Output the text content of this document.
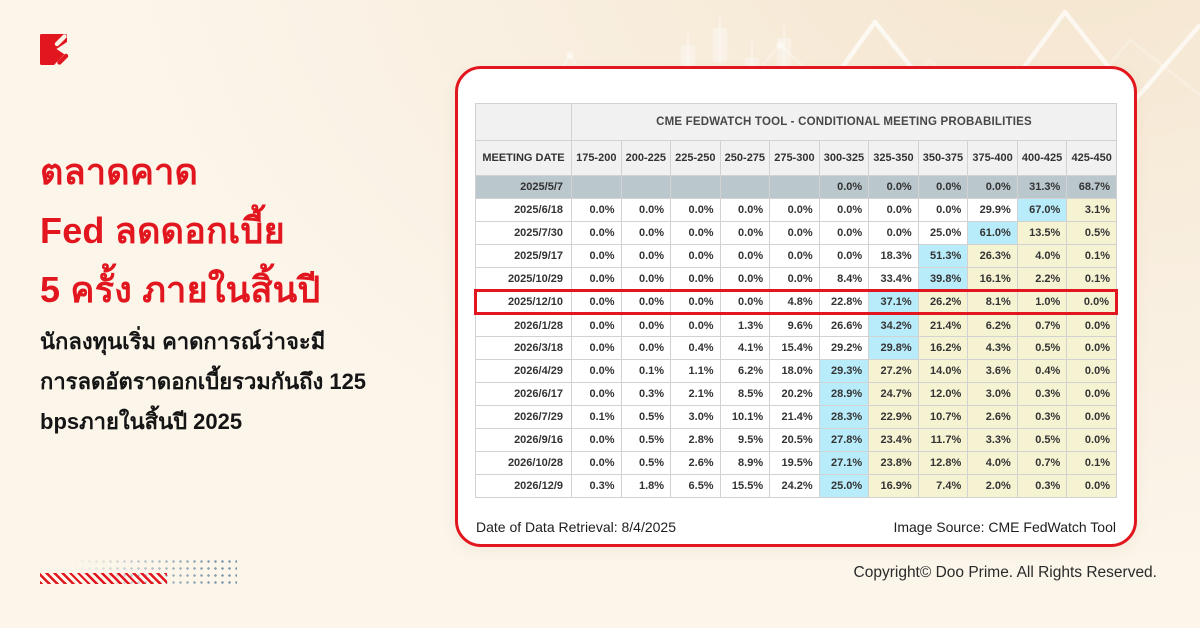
ตลาดคาด
Fed ลดดอกเบี้ย
5 ครั้ง ภายในสิ้นปี
นักลงทุนเริ่ม คาดการณ์ว่าจะมี
การลดอัตราดอกเบี้ยรวมกันถึง 125
bpsภายในสิ้นปี 2025
	CME FEDWATCH TOOL - CONDITIONAL MEETING PROBABILITIES										
MEETING DATE	175-200	200-225	225-250	250-275	275-300	300-325	325-350	350-375	375-400	400-425	425-450
2025/5/7						0.0%	0.0%	0.0%	0.0%	31.3%	68.7%
2025/6/18	0.0%	0.0%	0.0%	0.0%	0.0%	0.0%	0.0%	0.0%	29.9%	67.0%	3.1%
2025/7/30	0.0%	0.0%	0.0%	0.0%	0.0%	0.0%	0.0%	25.0%	61.0%	13.5%	0.5%
2025/9/17	0.0%	0.0%	0.0%	0.0%	0.0%	0.0%	18.3%	51.3%	26.3%	4.0%	0.1%
2025/10/29	0.0%	0.0%	0.0%	0.0%	0.0%	8.4%	33.4%	39.8%	16.1%	2.2%	0.1%
2025/12/10	0.0%	0.0%	0.0%	0.0%	4.8%	22.8%	37.1%	26.2%	8.1%	1.0%	0.0%
2026/1/28	0.0%	0.0%	0.0%	1.3%	9.6%	26.6%	34.2%	21.4%	6.2%	0.7%	0.0%
2026/3/18	0.0%	0.0%	0.4%	4.1%	15.4%	29.2%	29.8%	16.2%	4.3%	0.5%	0.0%
2026/4/29	0.0%	0.1%	1.1%	6.2%	18.0%	29.3%	27.2%	14.0%	3.6%	0.4%	0.0%
2026/6/17	0.0%	0.3%	2.1%	8.5%	20.2%	28.9%	24.7%	12.0%	3.0%	0.3%	0.0%
2026/7/29	0.1%	0.5%	3.0%	10.1%	21.4%	28.3%	22.9%	10.7%	2.6%	0.3%	0.0%
2026/9/16	0.0%	0.5%	2.8%	9.5%	20.5%	27.8%	23.4%	11.7%	3.3%	0.5%	0.0%
2026/10/28	0.0%	0.5%	2.6%	8.9%	19.5%	27.1%	23.8%	12.8%	4.0%	0.7%	0.1%
2026/12/9	0.3%	1.8%	6.5%	15.5%	24.2%	25.0%	16.9%	7.4%	2.0%	0.3%	0.0%
Date of Data Retrieval: 8/4/2025	Image Source: CME FedWatch Tool
Copyright© Doo Prime. All Rights Reserved.
